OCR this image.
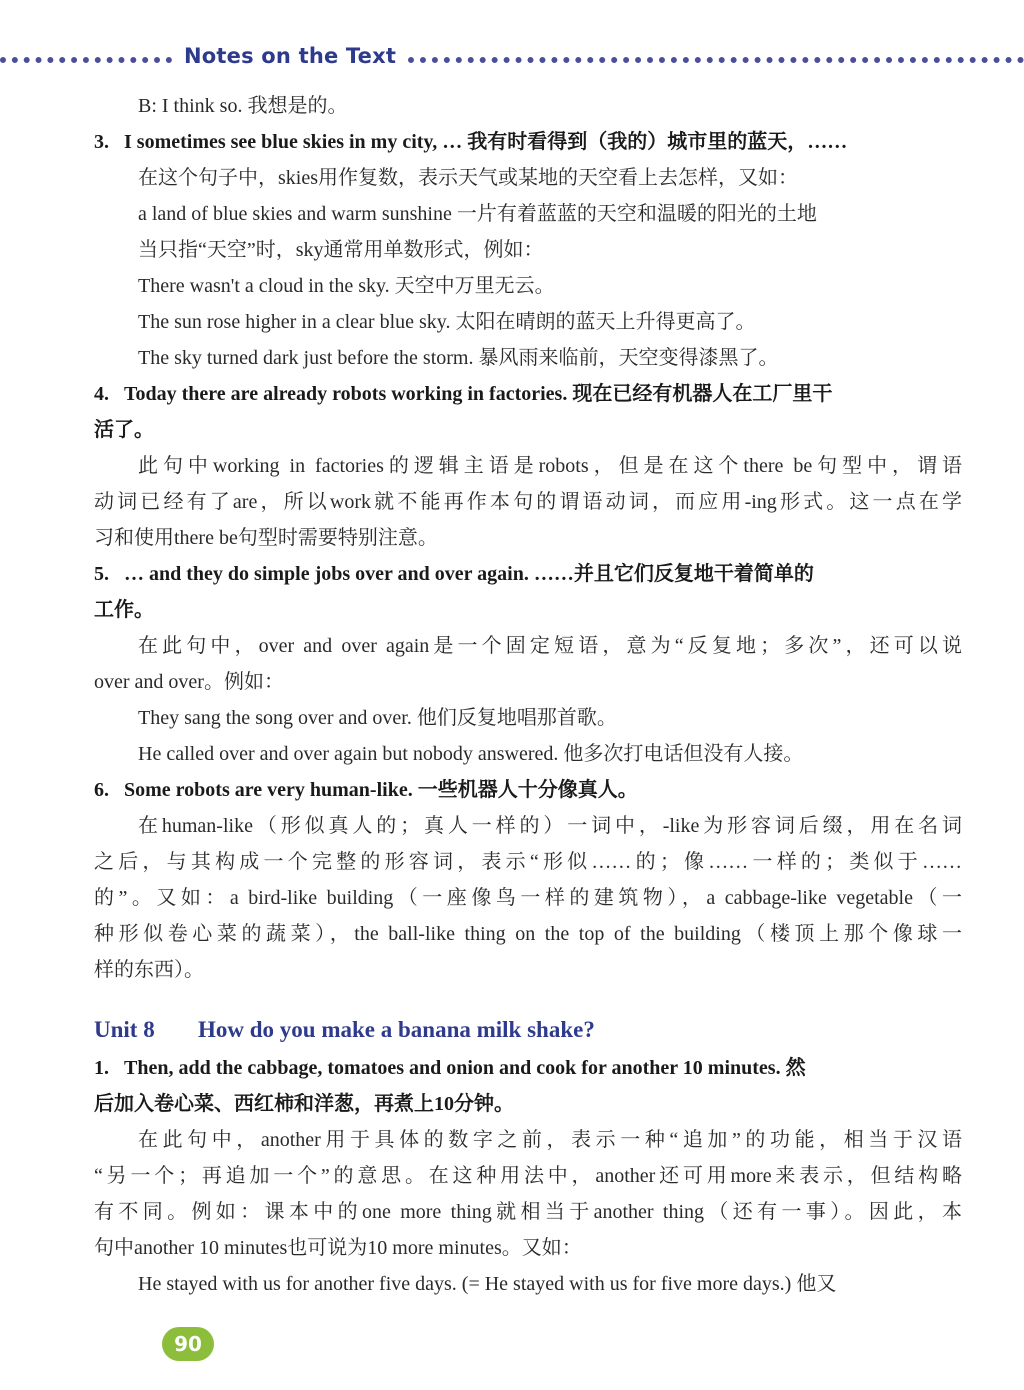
Notes on the Text
B: I think so. 我想是的。
3. I sometimes see blue skies in my city, … 我有时看得到（我的）城市里的蓝天，……
在这个句子中，skies用作复数，表示天气或某地的天空看上去怎样，又如：
a land of blue skies and warm sunshine 一片有着蓝蓝的天空和温暖的阳光的土地
当只指“天空”时，sky通常用单数形式，例如：
There wasn't a cloud in the sky. 天空中万里无云。
The sun rose higher in a clear blue sky. 太阳在晴朗的蓝天上升得更高了。
The sky turned dark just before the storm. 暴风雨来临前，天空变得漆黑了。
4. Today there are already robots working in factories. 现在已经有机器人在工厂里干
活了。
此句中working in factories的逻辑主语是robots，但是在这个there be句型中，谓语
动词已经有了are，所以work就不能再作本句的谓语动词，而应用-ing形式。这一点在学
习和使用there be句型时需要特别注意。
5. … and they do simple jobs over and over again. ……并且它们反复地干着简单的
工作。
在此句中，over and over again是一个固定短语，意为“反复地；多次”，还可以说
over and over。例如：
They sang the song over and over. 他们反复地唱那首歌。
He called over and over again but nobody answered. 他多次打电话但没有人接。
6. Some robots are very human-like. 一些机器人十分像真人。
在human-like（形似真人的；真人一样的）一词中，-like为形容词后缀，用在名词
之后，与其构成一个完整的形容词，表示“形似……的；像……一样的；类似于……
的”。又如：a bird-like building（一座像鸟一样的建筑物），a cabbage-like vegetable（一
种形似卷心菜的蔬菜），the ball-like thing on the top of the building（楼顶上那个像球一
样的东西）。
Unit 8 How do you make a banana milk shake?
1. Then, add the cabbage, tomatoes and onion and cook for another 10 minutes. 然
后加入卷心菜、西红柿和洋葱，再煮上10分钟。
在此句中，another用于具体的数字之前，表示一种“追加”的功能，相当于汉语
“另一个；再追加一个”的意思。在这种用法中，another还可用more来表示，但结构略
有不同。例如：课本中的one more thing就相当于another thing（还有一事）。因此，本
句中another 10 minutes也可说为10 more minutes。又如：
He stayed with us for another five days. (= He stayed with us for five more days.) 他又
90
